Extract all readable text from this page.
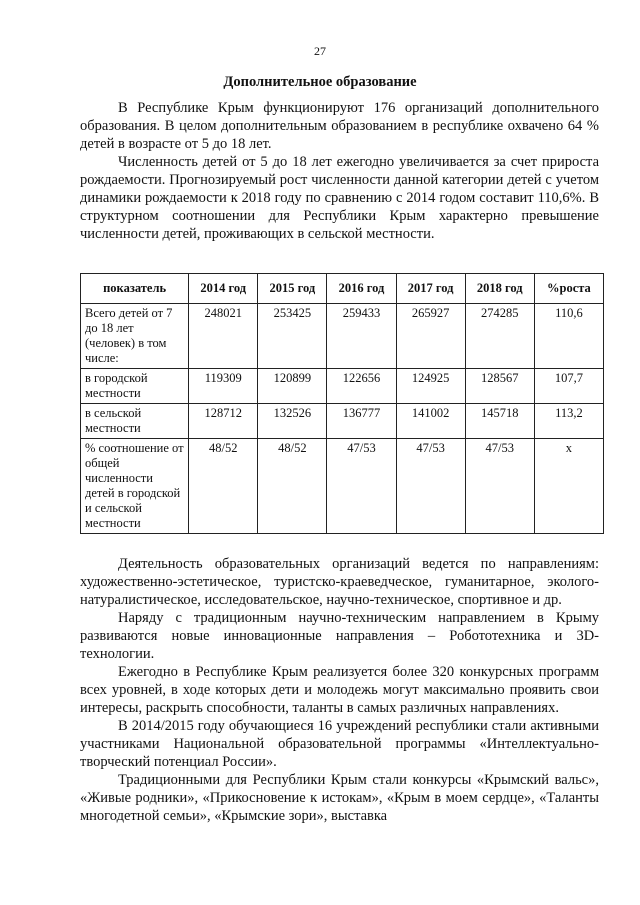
27
Дополнительное образование

В Республике Крым функционируют 176 организаций дополнительного образования. В целом дополнительным образованием в республике охвачено 64 % детей в возрасте от 5 до 18 лет.

Численность детей от 5 до 18 лет ежегодно увеличивается за счет прироста рождаемости. Прогнозируемый рост численности данной категории детей с учетом динамики рождаемости к 2018 году по сравнению с 2014 годом составит 110,6%. В структурном соотношении для Республики Крым характерно превышение численности детей, проживающих в сельской местности.

показатель	2014 год	2015 год	2016 год	2017 год	2018 год	%роста
Всего детей от 7 до 18 лет (человек) в том числе:	248021	253425	259433	265927	274285	110,6
в городской местности	119309	120899	122656	124925	128567	107,7
в сельской местности	128712	132526	136777	141002	145718	113,2
% соотношение от общей численности детей в городской и сельской местности	48/52	48/52	47/53	47/53	47/53	x

Деятельность образовательных организаций ведется по направлениям: художественно-эстетическое, туристско-краеведческое, гуманитарное, эколого-натуралистическое, исследовательское, научно-техническое, спортивное и др.

Наряду с традиционным научно-техническим направлением в Крыму развиваются новые инновационные направления – Робототехника и 3D-технологии.

Ежегодно в Республике Крым реализуется более 320 конкурсных программ всех уровней, в ходе которых дети и молодежь могут максимально проявить свои интересы, раскрыть способности, таланты в самых различных направлениях.

В 2014/2015 году обучающиеся 16 учреждений республики стали активными участниками Национальной образовательной программы «Интеллектуально-творческий потенциал России».

Традиционными для Республики Крым стали конкурсы «Крымский вальс», «Живые родники», «Прикосновение к истокам», «Крым в моем сердце», «Таланты многодетной семьи», «Крымские зори», выставка
